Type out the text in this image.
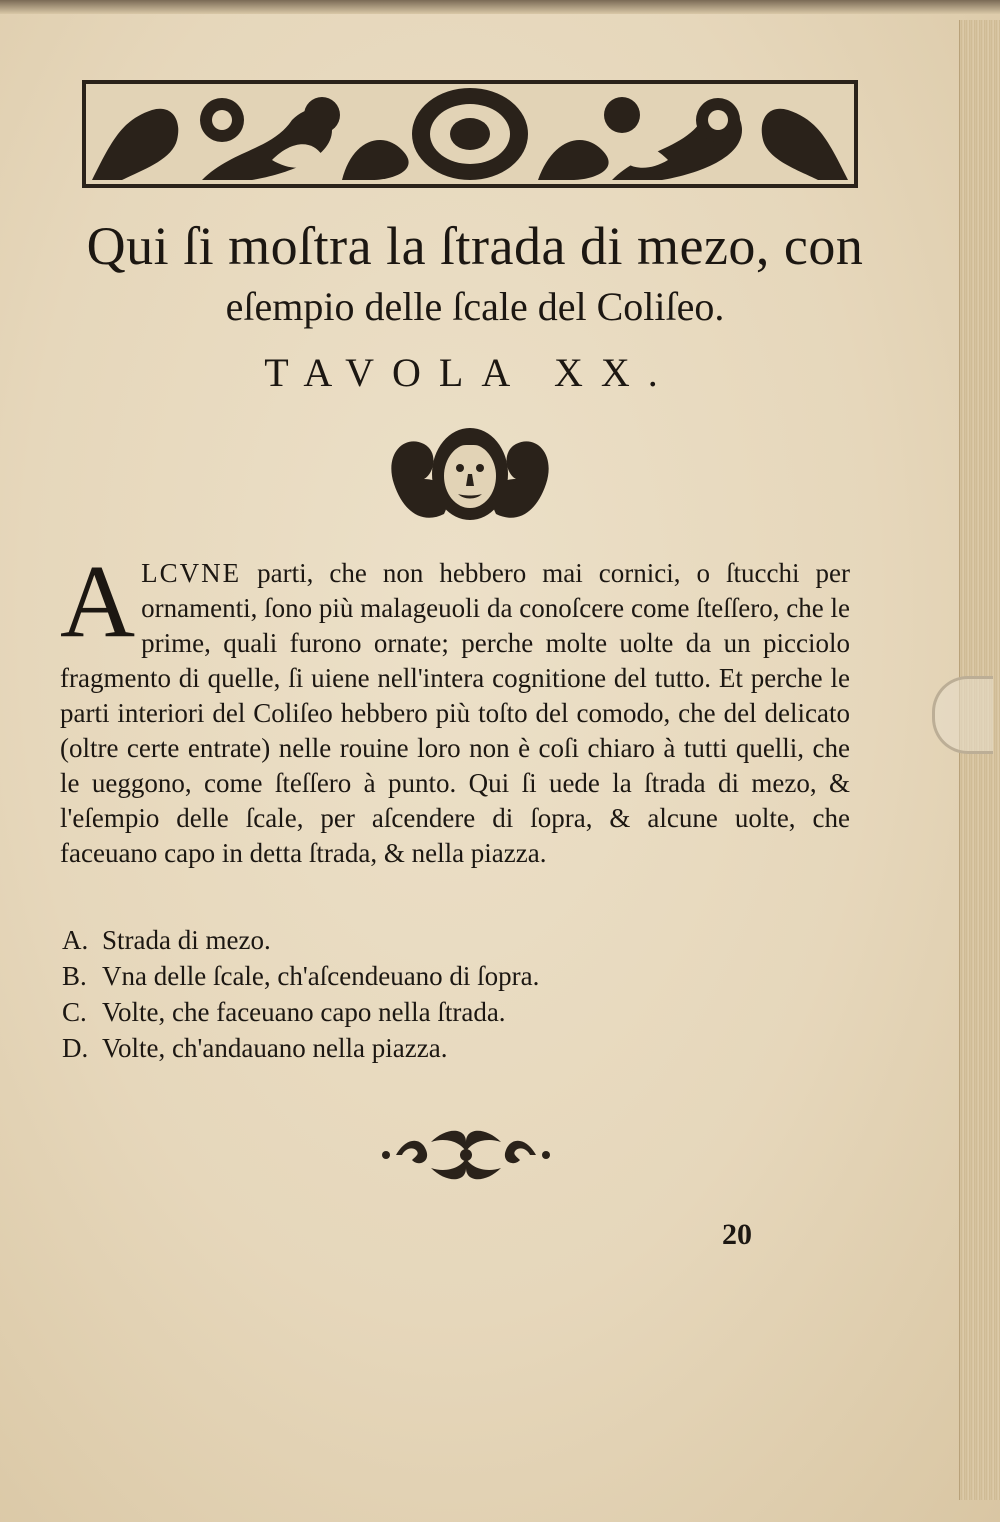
Qui ſi moſtra la ſtrada di mezo, con

eſempio delle ſcale del Coliſeo.

TAVOLA XX.

ALCVNE parti, che non hebbero mai cornici, o ſtucchi per ornamenti, ſono più malageuoli da conoſcere come ſteſſero, che le prime, quali furono ornate; perche molte uolte da un picciolo fragmento di quelle, ſi uiene nell'intera cognitione del tutto. Et perche le parti interiori del Coliſeo hebbero più toſto del comodo, che del delicato (oltre certe entrate) nelle rouine loro non è coſi chiaro à tutti quelli, che le ueggono, come ſteſſero à punto. Qui ſi uede la ſtrada di mezo, & l'eſempio delle ſcale, per aſcendere di ſopra, & alcune uolte, che faceuano capo in detta ſtrada, & nella piazza.

A. Strada di mezo.
B. Vna delle ſcale, ch'aſcendeuano di ſopra.
C. Volte, che faceuano capo nella ſtrada.
D. Volte, ch'andauano nella piazza.

20
